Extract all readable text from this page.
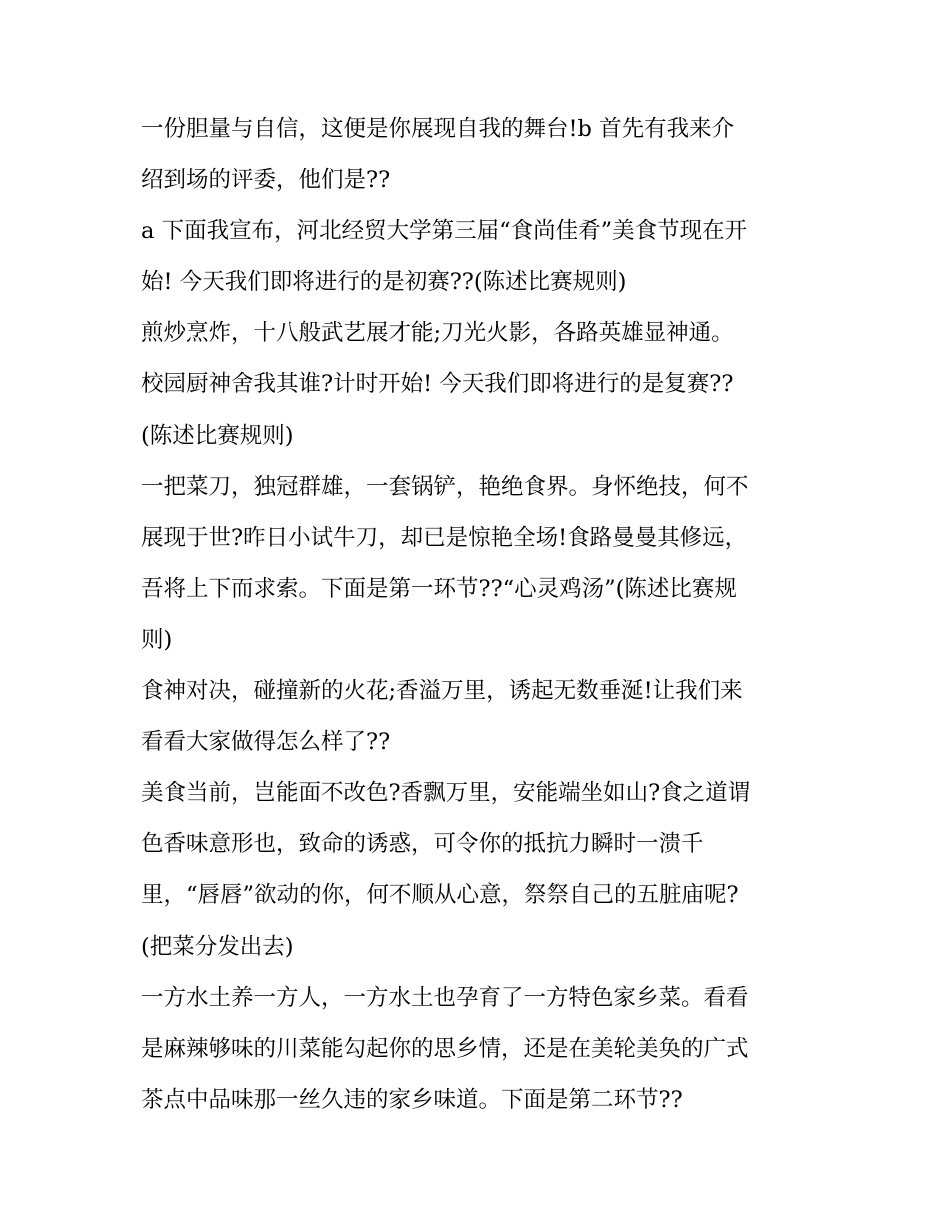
一份胆量与自信，这便是你展现自我的舞台!b 首先有我来介
绍到场的评委，他们是??
a 下面我宣布，河北经贸大学第三届“食尚佳肴”美食节现在开
始! 今天我们即将进行的是初赛??(陈述比赛规则)
煎炒烹炸，十八般武艺展才能;刀光火影，各路英雄显神通。
校园厨神舍我其谁?计时开始! 今天我们即将进行的是复赛??
(陈述比赛规则)
一把菜刀，独冠群雄，一套锅铲，艳绝食界。身怀绝技，何不
展现于世?昨日小试牛刀，却已是惊艳全场!食路曼曼其修远，
吾将上下而求索。下面是第一环节??“心灵鸡汤”(陈述比赛规
则)
食神对决，碰撞新的火花;香溢万里，诱起无数垂涎!让我们来
看看大家做得怎么样了??
美食当前，岂能面不改色?香飘万里，安能端坐如山?食之道谓
色香味意形也，致命的诱惑，可令你的抵抗力瞬时一溃千
里，“唇唇”欲动的你，何不顺从心意，祭祭自己的五脏庙呢?
(把菜分发出去)
一方水土养一方人，一方水土也孕育了一方特色家乡菜。看看
是麻辣够味的川菜能勾起你的思乡情，还是在美轮美奂的广式
茶点中品味那一丝久违的家乡味道。下面是第二环节??
